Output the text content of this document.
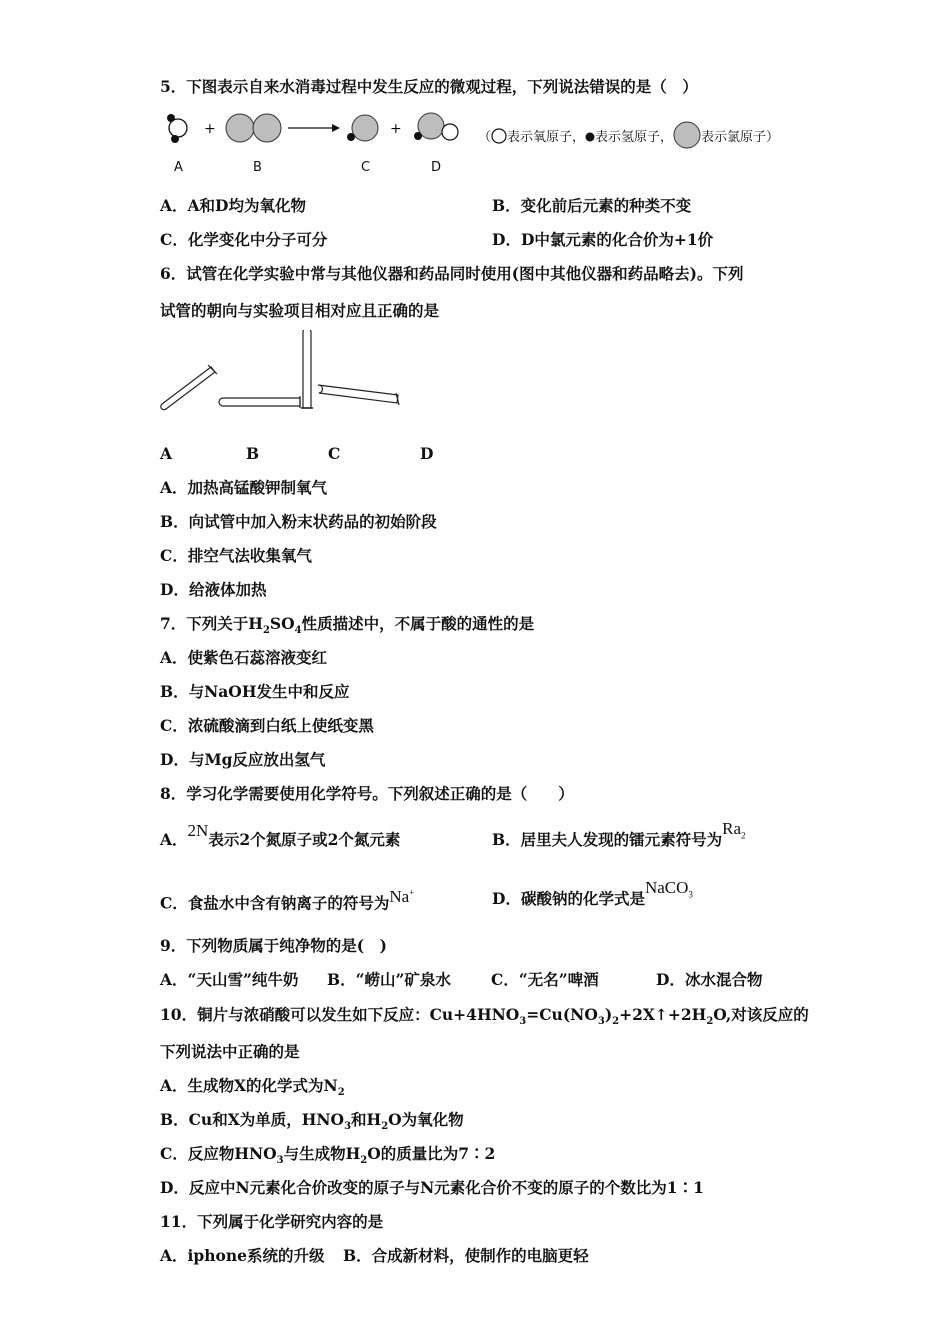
5．下图表示自来水消毒过程中发生反应的微观过程，下列说法错误的是（　）
+	+
（ 表示氧原子， 表示氢原子， 表示氯原子）
A	B	C	D
A．A和D均为氧化物	B．变化前后元素的种类不变
C．化学变化中分子可分	D．D中氯元素的化合价为+1价
6．试管在化学实验中常与其他仪器和药品同时使用(图中其他仪器和药品略去)。下列
试管的朝向与实验项目相对应且正确的是
A	B	C	D
A．加热高锰酸钾制氧气
B．向试管中加入粉末状药品的初始阶段
C．排空气法收集氧气
D．给液体加热
7．下列关于$H_2SO_4$性质描述中，不属于酸的通性的是
A．使紫色石蕊溶液变红
B．与NaOH发生中和反应
C．浓硫酸滴到白纸上使纸变黑
D．与Mg反应放出氢气
8．学习化学需要使用化学符号。下列叙述正确的是（　　）
A．2N表示2个氮原子或2个氮元素	B．居里夫人发现的镭元素符号为$Ra_2$
C．食盐水中含有钠离子的符号为Na+	D．碳酸钠的化学式是NaCO$_3$
9．下列物质属于纯净物的是(　)
A．“天山雪”纯牛奶 B．“崂山”矿泉水	C．“无名”啤酒	D．冰水混合物
10．铜片与浓硝酸可以发生如下反应：$Cu+4HNO_3=Cu(NO_3)_2+2X↑+2H_2O$,对该反应的
下列说法中正确的是
A．生成物X的化学式为$N_2$
B．Cu和X为单质，$HNO_3$和$H_2O$为氧化物
C．反应物$HNO_3$与生成物$H_2O$的质量比为7∶2
D．反应中N元素化合价改变的原子与N元素化合价不变的原子的个数比为1∶1
11．下列属于化学研究内容的是
A．iphone系统的升级 B．合成新材料，使制作的电脑更轻
